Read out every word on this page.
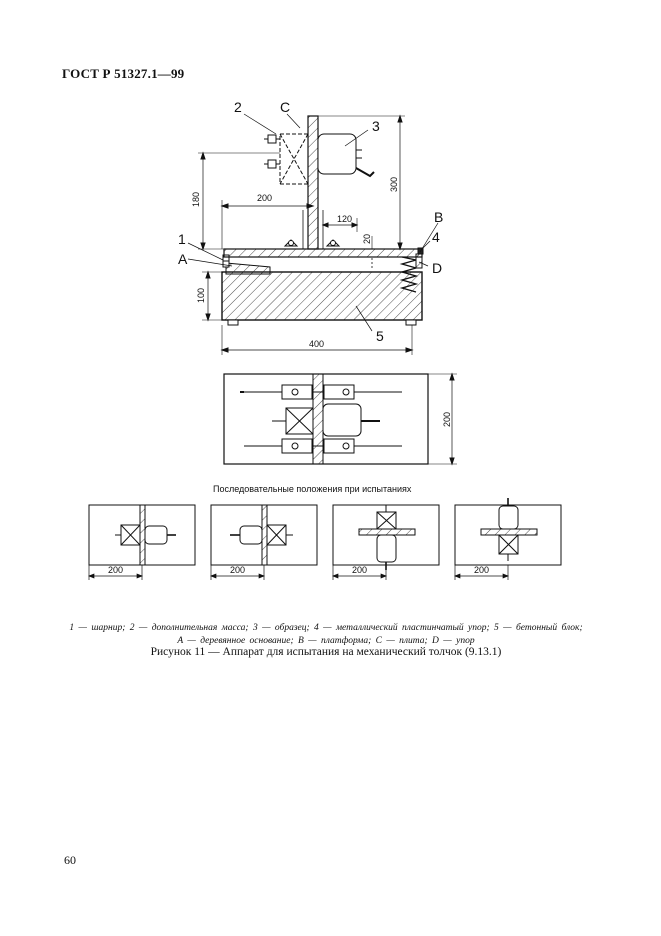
ГОСТ Р 51327.1—99
2	C
3
1
A
B
4
D
5
180	200
120
20
300
100
400
200
Последовательные положения при испытаниях
200	200	200	200
1 — шарнир; 2 — дополнительная масса; 3 — образец; 4 — металлический пластинчатый упор; 5 — бетонный блок;
A — деревянное основание; B — платформа; C — плита; D — упор
Рисунок 11 — Аппарат для испытания на механический толчок (9.13.1)
60
